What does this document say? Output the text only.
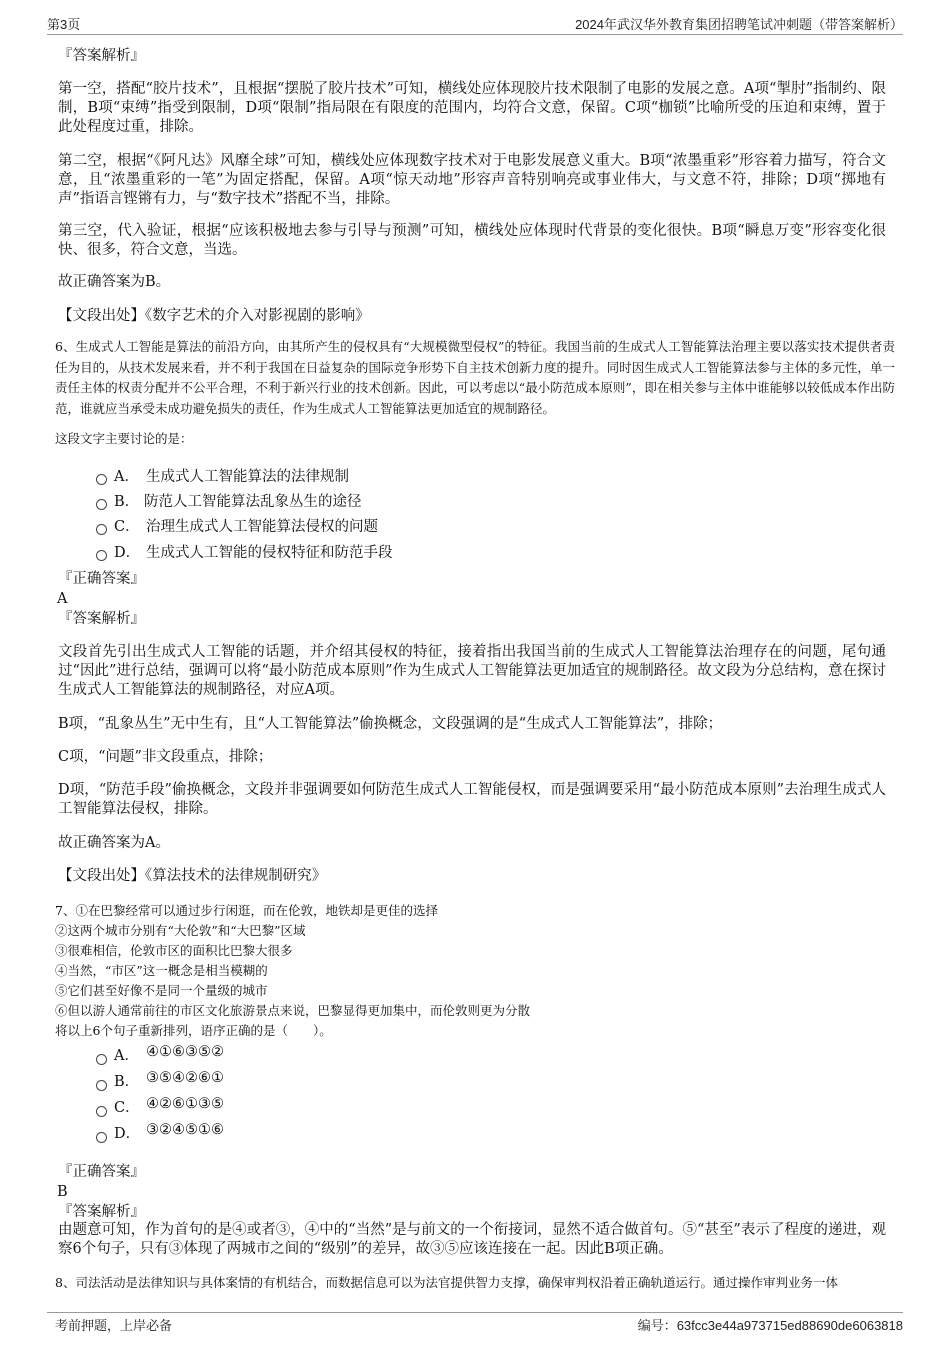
第3页	2024年武汉华外教育集团招聘笔试冲刺题（带答案解析）
『答案解析』
第一空，搭配“胶片技术”，且根据“摆脱了胶片技术”可知，横线处应体现胶片技术限制了电影的发展之意。A项“掣肘”指制约、限制，B项“束缚”指受到限制，D项“限制”指局限在有限度的范围内，均符合文意，保留。C项“枷锁”比喻所受的压迫和束缚，置于此处程度过重，排除。
第二空，根据“《阿凡达》风靡全球”可知，横线处应体现数字技术对于电影发展意义重大。B项“浓墨重彩”形容着力描写，符合文意，且“浓墨重彩的一笔”为固定搭配，保留。A项“惊天动地”形容声音特别响亮或事业伟大，与文意不符，排除；D项“掷地有声”指语言铿锵有力，与“数字技术”搭配不当，排除。
第三空，代入验证，根据“应该积极地去参与引导与预测”可知，横线处应体现时代背景的变化很快。B项“瞬息万变”形容变化很快、很多，符合文意，当选。
故正确答案为B。
【文段出处】《数字艺术的介入对影视剧的影响》
6、生成式人工智能是算法的前沿方向，由其所产生的侵权具有“大规模微型侵权”的特征。我国当前的生成式人工智能算法治理主要以落实技术提供者责任为目的，从技术发展来看，并不利于我国在日益复杂的国际竞争形势下自主技术创新力度的提升。同时因生成式人工智能算法参与主体的多元性，单一责任主体的权责分配并不公平合理，不利于新兴行业的技术创新。因此，可以考虑以“最小防范成本原则”，即在相关参与主体中谁能够以较低成本作出防范，谁就应当承受未成功避免损失的责任，作为生成式人工智能算法更加适宜的规制路径。
这段文字主要讨论的是：
A． 生成式人工智能算法的法律规制
B． 防范人工智能算法乱象丛生的途径
C． 治理生成式人工智能算法侵权的问题
D． 生成式人工智能的侵权特征和防范手段
『正确答案』
A
『答案解析』
文段首先引出生成式人工智能的话题，并介绍其侵权的特征，接着指出我国当前的生成式人工智能算法治理存在的问题，尾句通过“因此”进行总结，强调可以将“最小防范成本原则”作为生成式人工智能算法更加适宜的规制路径。故文段为分总结构，意在探讨生成式人工智能算法的规制路径，对应A项。
B项，“乱象丛生”无中生有，且“人工智能算法”偷换概念，文段强调的是“生成式人工智能算法”，排除；
C项，“问题”非文段重点，排除；
D项，“防范手段”偷换概念，文段并非强调要如何防范生成式人工智能侵权，而是强调要采用“最小防范成本原则”去治理生成式人工智能算法侵权，排除。
故正确答案为A。
【文段出处】《算法技术的法律规制研究》
7、①在巴黎经常可以通过步行闲逛，而在伦敦，地铁却是更佳的选择
②这两个城市分别有“大伦敦”和“大巴黎”区域
③很难相信，伦敦市区的面积比巴黎大很多
④当然，“市区”这一概念是相当模糊的
⑤它们甚至好像不是同一个量级的城市
⑥但以游人通常前往的市区文化旅游景点来说，巴黎显得更加集中，而伦敦则更为分散
将以上6个句子重新排列，语序正确的是（　　）。
A． ④①⑥③⑤②
B． ③⑤④②⑥①
C． ④②⑥①③⑤
D． ③②④⑤①⑥
『正确答案』
B
『答案解析』
由题意可知，作为首句的是④或者③，④中的“当然”是与前文的一个衔接词，显然不适合做首句。⑤“甚至”表示了程度的递进，观察6个句子，只有③体现了两城市之间的“级别”的差异，故③⑤应该连接在一起。因此B项正确。
8、司法活动是法律知识与具体案情的有机结合，而数据信息可以为法官提供智力支撑，确保审判权沿着正确轨道运行。通过操作审判业务一体
考前押题，上岸必备	编号：63fcc3e44a973715ed88690de6063818
